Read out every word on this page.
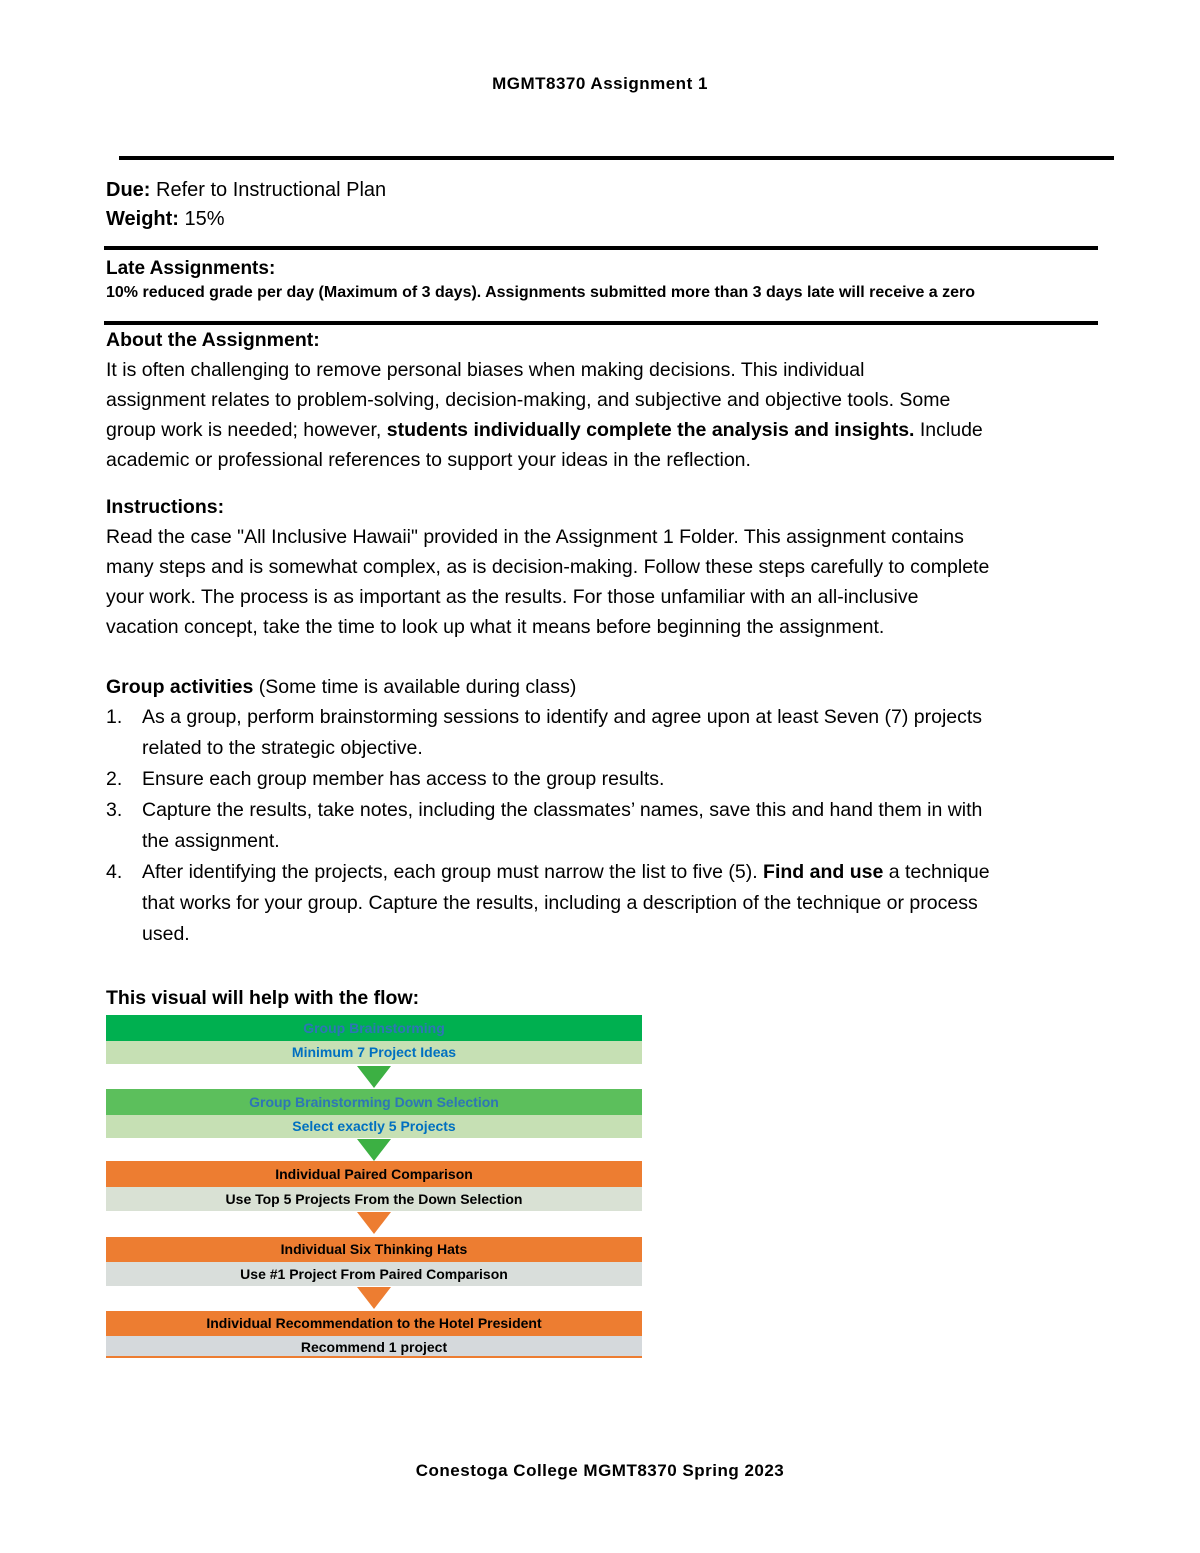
MGMT8370 Assignment 1
Due: Refer to Instructional Plan
Weight: 15%
Late Assignments:
10% reduced grade per day (Maximum of 3 days). Assignments submitted more than 3 days late will receive a zero
About the Assignment:
It is often challenging to remove personal biases when making decisions. This individual
assignment relates to problem-solving, decision-making, and subjective and objective tools. Some
group work is needed; however, students individually complete the analysis and insights. Include
academic or professional references to support your ideas in the reflection.
Instructions:
Read the case "All Inclusive Hawaii" provided in the Assignment 1 Folder. This assignment contains
many steps and is somewhat complex, as is decision-making. Follow these steps carefully to complete
your work. The process is as important as the results. For those unfamiliar with an all-inclusive
vacation concept, take the time to look up what it means before beginning the assignment.
Group activities (Some time is available during class)
1. As a group, perform brainstorming sessions to identify and agree upon at least Seven (7) projects
related to the strategic objective.
2. Ensure each group member has access to the group results.
3. Capture the results, take notes, including the classmates’ names, save this and hand them in with
the assignment.
4. After identifying the projects, each group must narrow the list to five (5). Find and use a technique
that works for your group. Capture the results, including a description of the technique or process
used.
This visual will help with the flow:
Group Brainstorming
Minimum 7 Project Ideas
Group Brainstorming Down Selection
Select exactly 5 Projects
Individual Paired Comparison
Use Top 5 Projects From the Down Selection
Individual Six Thinking Hats
Use #1 Project From Paired Comparison
Individual Recommendation to the Hotel President
Recommend 1 project
Conestoga College MGMT8370 Spring 2023
